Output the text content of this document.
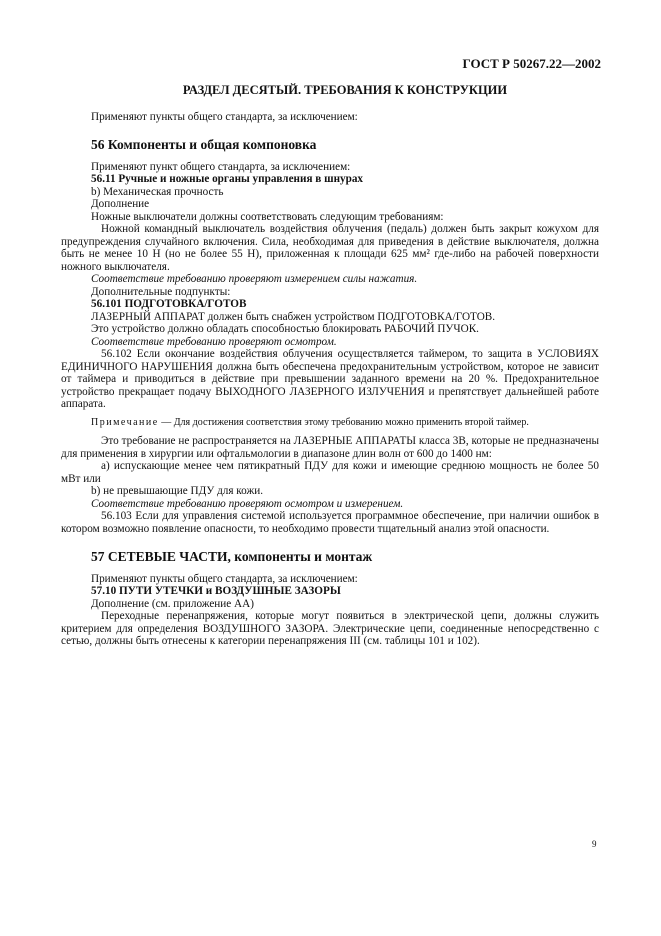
ГОСТ Р 50267.22—2002
РАЗДЕЛ ДЕСЯТЫЙ. ТРЕБОВАНИЯ К КОНСТРУКЦИИ

Применяют пункты общего стандарта, за исключением:

56 Компоненты и общая компоновка

Применяют пункт общего стандарта, за исключением:

56.11 Ручные и ножные органы управления в шнурах

b) Механическая прочность

Дополнение

Ножные выключатели должны соответствовать следующим требованиям:

Ножной командный выключатель воздействия облучения (педаль) должен быть закрыт кожухом для предупреждения случайного включения. Сила, необходимая для приведения в действие выключателя, должна быть не менее 10 Н (но не более 55 Н), приложенная к площади 625 мм² где-либо на рабочей поверхности ножного выключателя.

Соответствие требованию проверяют измерением силы нажатия.

Дополнительные подпункты:

56.101 ПОДГОТОВКА/ГОТОВ

ЛАЗЕРНЫЙ АППАРАТ должен быть снабжен устройством ПОДГОТОВКА/ГОТОВ.

Это устройство должно обладать способностью блокировать РАБОЧИЙ ПУЧОК.

Соответствие требованию проверяют осмотром.

56.102 Если окончание воздействия облучения осуществляется таймером, то защита в УСЛОВИЯХ ЕДИНИЧНОГО НАРУШЕНИЯ должна быть обеспечена предохранительным устройством, которое не зависит от таймера и приводиться в действие при превышении заданного времени на 20 %. Предохранительное устройство прекращает подачу ВЫХОДНОГО ЛАЗЕРНОГО ИЗЛУЧЕНИЯ и препятствует дальнейшей работе аппарата.

Примечание — Для достижения соответствия этому требованию можно применить второй таймер.

Это требование не распространяется на ЛАЗЕРНЫЕ АППАРАТЫ класса 3В, которые не предназначены для применения в хирургии или офтальмологии в диапазоне длин волн от 600 до 1400 нм:

a) испускающие менее чем пятикратный ПДУ для кожи и имеющие среднюю мощность не более 50 мВт или

b) не превышающие ПДУ для кожи.

Соответствие требованию проверяют осмотром и измерением.

56.103 Если для управления системой используется программное обеспечение, при наличии ошибок в котором возможно появление опасности, то необходимо провести тщательный анализ этой опасности.

57 СЕТЕВЫЕ ЧАСТИ, компоненты и монтаж

Применяют пункты общего стандарта, за исключением:

57.10 ПУТИ УТЕЧКИ и ВОЗДУШНЫЕ ЗАЗОРЫ

Дополнение (см. приложение АА)

Переходные перенапряжения, которые могут появиться в электрической цепи, должны служить критерием для определения ВОЗДУШНОГО ЗАЗОРА. Электрические цепи, соединенные непосредственно с сетью, должны быть отнесены к категории перенапряжения III (см. таблицы 101 и 102).

9
